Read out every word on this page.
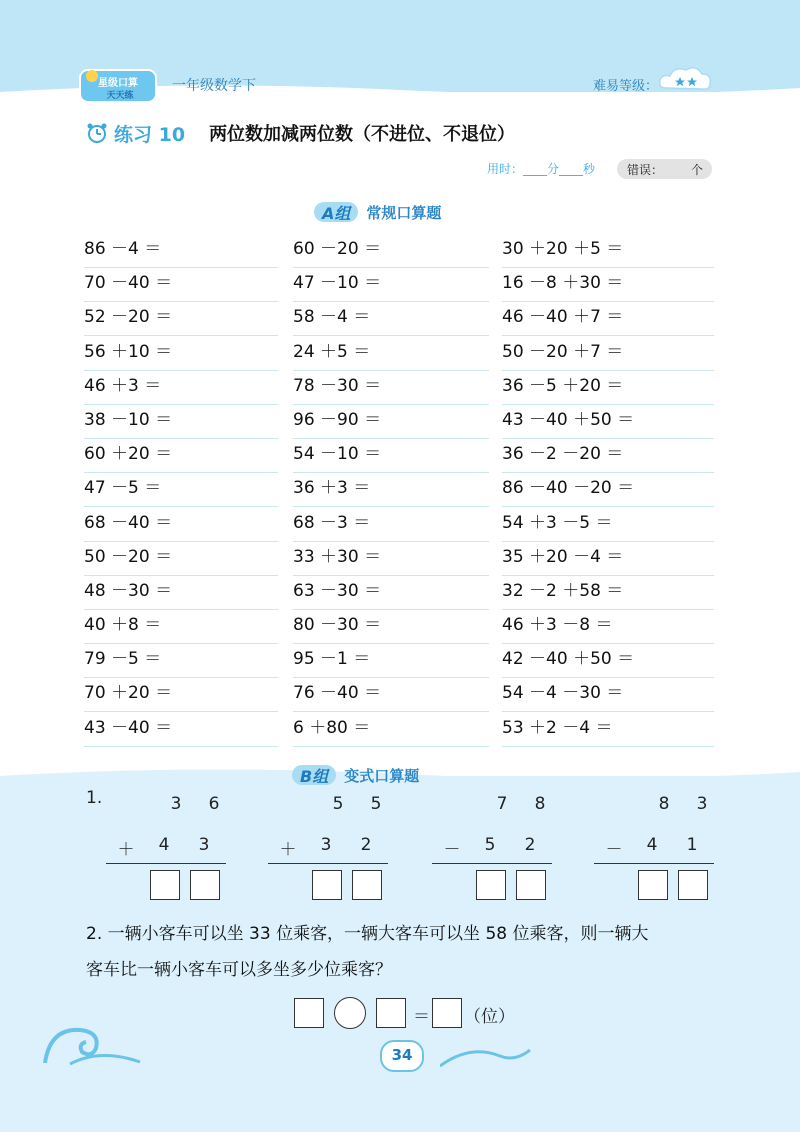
星级口算
天天练
一年级数学下	难易等级：
练习 10 两位数加减两位数（不进位、不退位）
用时：____分____秒	错误： 个
A组	常规口算题
86 －4 ＝	60 －20 ＝	30 ＋20 ＋5 ＝
70 －40 ＝	47 －10 ＝	16 －8 ＋30 ＝
52 －20 ＝	58 －4 ＝	46 －40 ＋7 ＝
56 ＋10 ＝	24 ＋5 ＝	50 －20 ＋7 ＝
46 ＋3 ＝	78 －30 ＝	36 －5 ＋20 ＝
38 －10 ＝	96 －90 ＝	43 －40 ＋50 ＝
60 ＋20 ＝	54 －10 ＝	36 －2 －20 ＝
47 －5 ＝	36 ＋3 ＝	86 －40 －20 ＝
68 －40 ＝	68 －3 ＝	54 ＋3 －5 ＝
50 －20 ＝	33 ＋30 ＝	35 ＋20 －4 ＝
48 －30 ＝	63 －30 ＝	32 －2 ＋58 ＝
40 ＋8 ＝	80 －30 ＝	46 ＋3 －8 ＝
79 －5 ＝	95 －1 ＝	42 －40 ＋50 ＝
70 ＋20 ＝	76 －40 ＝	54 －4 －30 ＝
43 －40 ＝	6 ＋80 ＝	53 ＋2 －4 ＝
B组	变式口算题
1.	3 6
＋ 4 3
5 5
＋ 3 2
7 8
－ 5 2
8 3
－ 4 1
2. 一辆小客车可以坐 33 位乘客，一辆大客车可以坐 58 位乘客，则一辆大
客车比一辆小客车可以多坐多少位乘客？
＝ （位）
34
